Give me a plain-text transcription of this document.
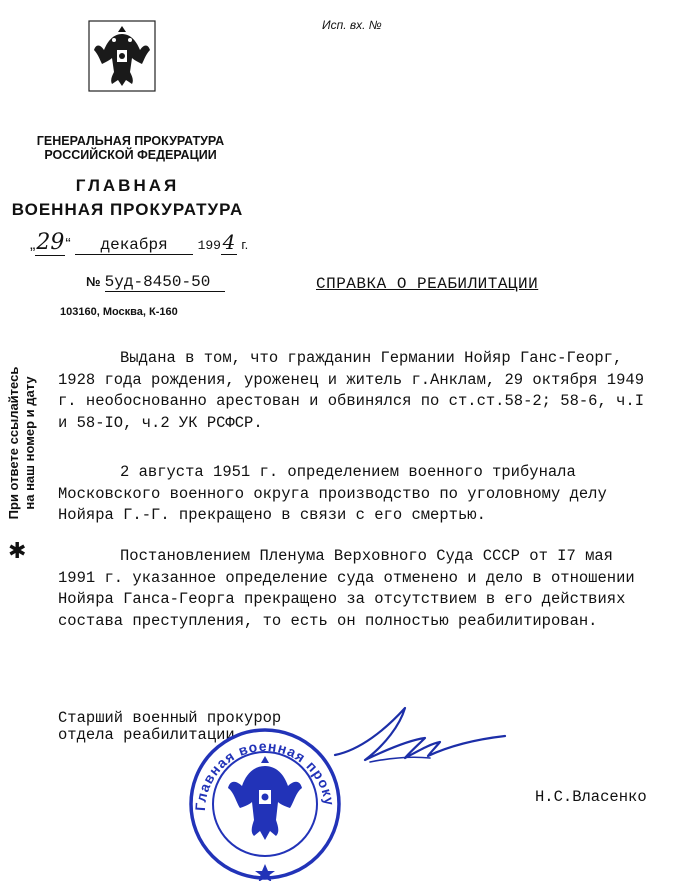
Исп. вх. №
ГЕНЕРАЛЬНАЯ ПРОКУРАТУРА
РОССИЙСКОЙ ФЕДЕРАЦИИ
ГЛАВНАЯ
ВОЕННАЯ ПРОКУРАТУРА
„29“ декабря 1994 г.
№ 5уд-8450-50
103160, Москва, К-160
СПРАВКА О РЕАБИЛИТАЦИИ
При ответе ссылайтесь на наш номер и дату
✱
Выдана в том, что гражданин Германии Нойяр Ганс-Георг, 1928 года рождения, уроженец и житель г.Анклам, 29 октября 1949 г. необоснованно арестован и обвинялся по ст.ст.58-2; 58-6, ч.I и 58-IO, ч.2 УК РСФСР.
2 августа 1951 г. определением военного трибунала Московского военного округа производство по уголовному делу Нойяра Г.-Г. прекращено в связи с его смертью.
Постановлением Пленума Верховного Суда СССР от I7 мая 1991 г. указанное определение суда отменено и дело в отношении Нойяра Ганса-Георга прекращено за отсутствием в его действиях состава преступления, то есть он полностью реабилитирован.
Старший военный прокурор
отдела реабилитации
Главная военная проку	Н.С.Власенко
